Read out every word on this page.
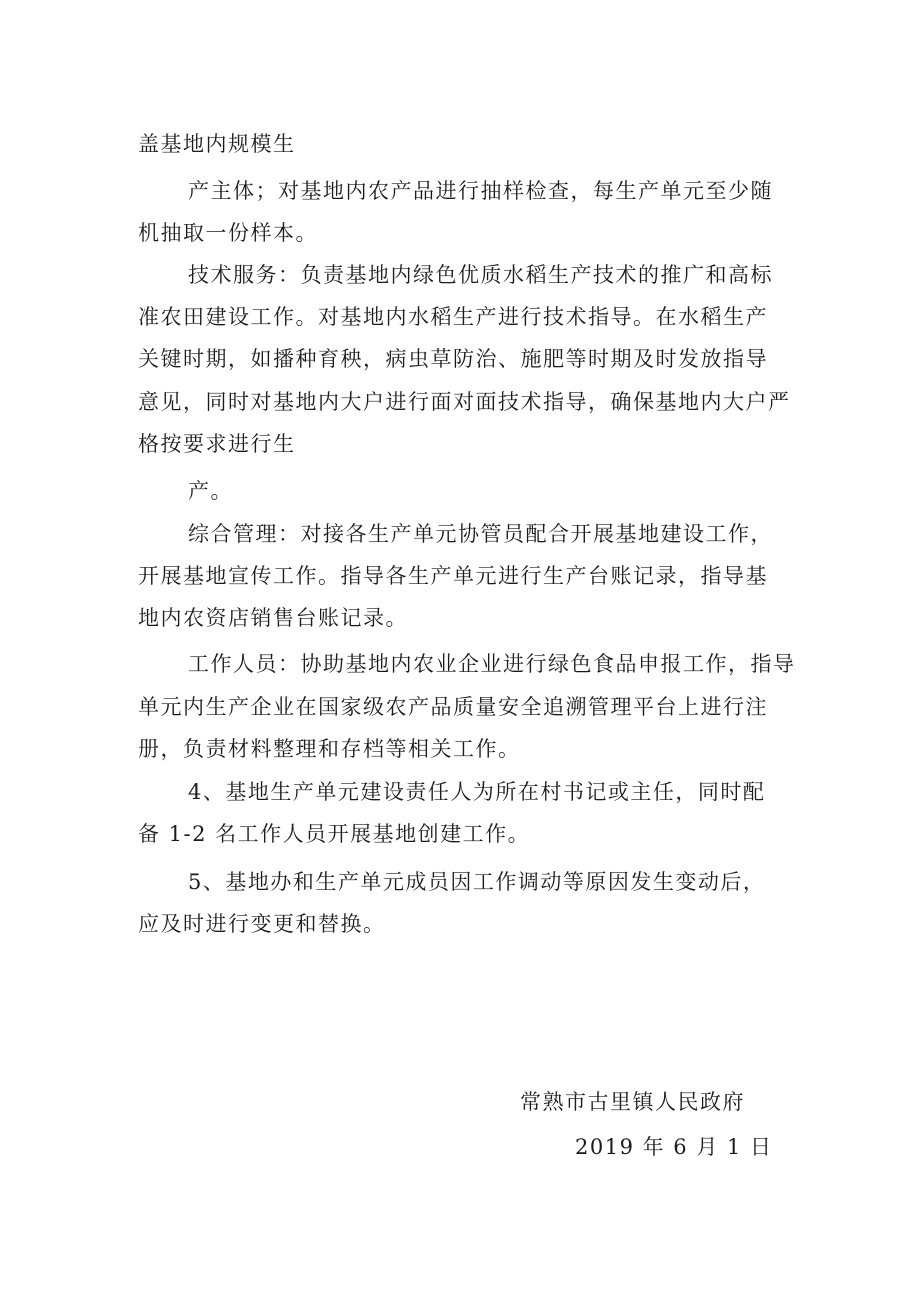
盖基地内规模生
产主体；对基地内农产品进行抽样检查，每生产单元至少随
机抽取一份样本。
技术服务：负责基地内绿色优质水稻生产技术的推广和高标
准农田建设工作。对基地内水稻生产进行技术指导。在水稻生产
关键时期，如播种育秧，病虫草防治、施肥等时期及时发放指导
意见，同时对基地内大户进行面对面技术指导，确保基地内大户严
格按要求进行生
产。
综合管理：对接各生产单元协管员配合开展基地建设工作，
开展基地宣传工作。指导各生产单元进行生产台账记录，指导基
地内农资店销售台账记录。
工作人员：协助基地内农业企业进行绿色食品申报工作，指导
单元内生产企业在国家级农产品质量安全追溯管理平台上进行注
册，负责材料整理和存档等相关工作。
4、基地生产单元建设责任人为所在村书记或主任，同时配
备 1-2 名工作人员开展基地创建工作。
5、基地办和生产单元成员因工作调动等原因发生变动后，
应及时进行变更和替换。
常熟市古里镇人民政府
2019 年 6 月 1 日
